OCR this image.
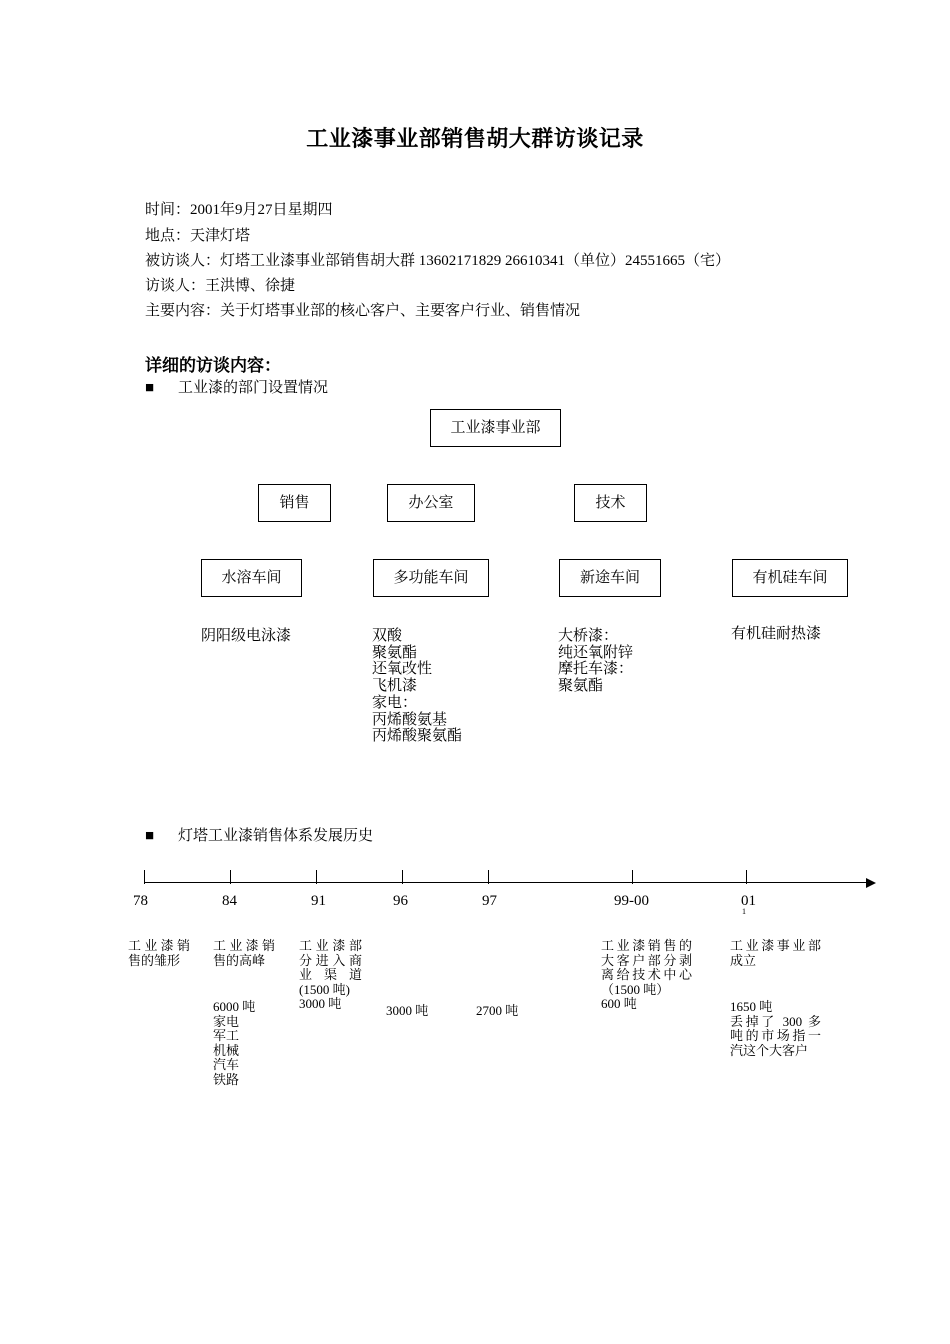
工业漆事业部销售胡大群访谈记录
时间：2001年9月27日星期四
地点：天津灯塔
被访谈人：灯塔工业漆事业部销售胡大群 13602171829 26610341（单位）24551665（宅）
访谈人：王洪博、徐捷
主要内容：关于灯塔事业部的核心客户、主要客户行业、销售情况
详细的访谈内容：
■ 工业漆的部门设置情况
工业漆事业部
销售	办公室	技术
水溶车间	多功能车间	新途车间	有机硅车间
阴阳级电泳漆	双酸
聚氨酯
还氧改性
飞机漆
家电：
丙烯酸氨基
丙烯酸聚氨酯
大桥漆：
纯还氧附锌
摩托车漆：
聚氨酯
有机硅耐热漆
■ 灯塔工业漆销售体系发展历史
78	84	91	96	97	99-00	01
1
工业漆销
售的雏形
工业漆销
售的高峰
6000 吨
家电
军工
机械
汽车
铁路
工业漆部
分进入商
业 渠 道
(1500 吨)
3000 吨	3000 吨	2700 吨
工业漆销售的
大客户部分剥
离给技术中心
（1500 吨）
600 吨
工业漆事业部
成立
1650 吨
丢掉了 300 多
吨的市场指一
汽这个大客户
